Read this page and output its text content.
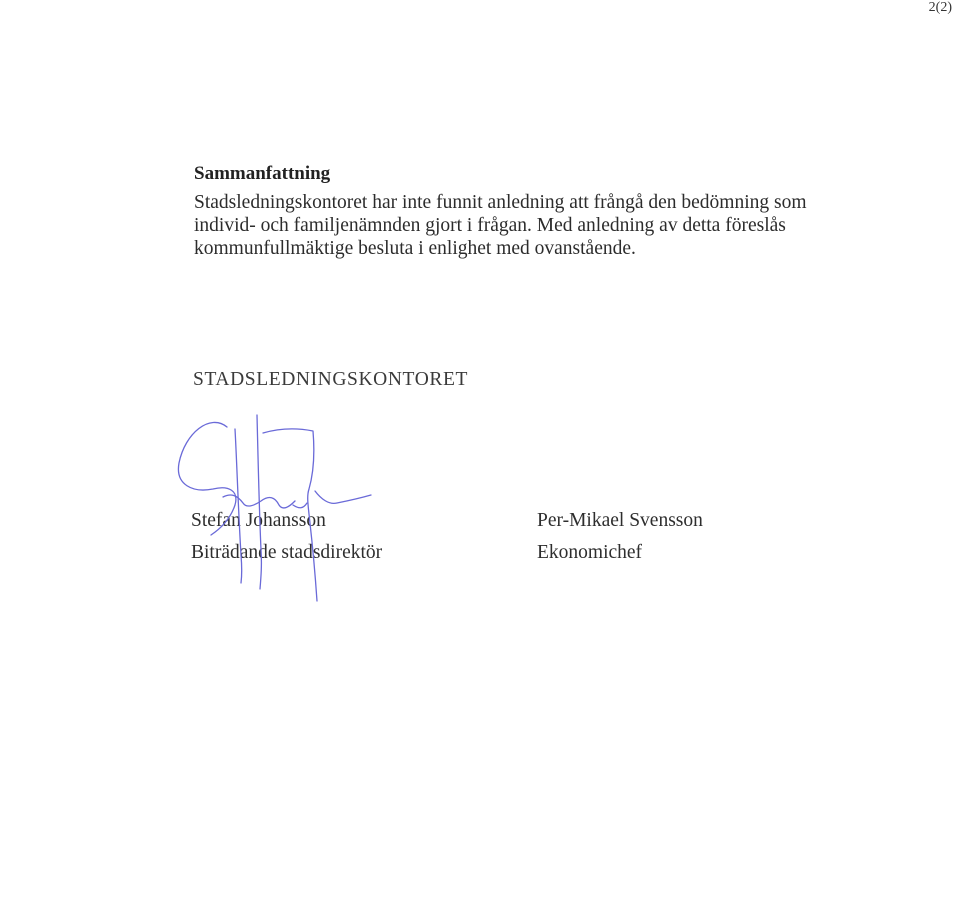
2(2)
Sammanfattning

Stadsledningskontoret har inte funnit anledning att frångå den bedömning som
individ- och familjenämnden gjort i frågan. Med anledning av detta föreslås
kommunfullmäktige besluta i enlighet med ovanstående.

STADSLEDNINGSKONTORET
Stefan Johansson
Biträdande stadsdirektör
Per-Mikael Svensson
Ekonomichef
